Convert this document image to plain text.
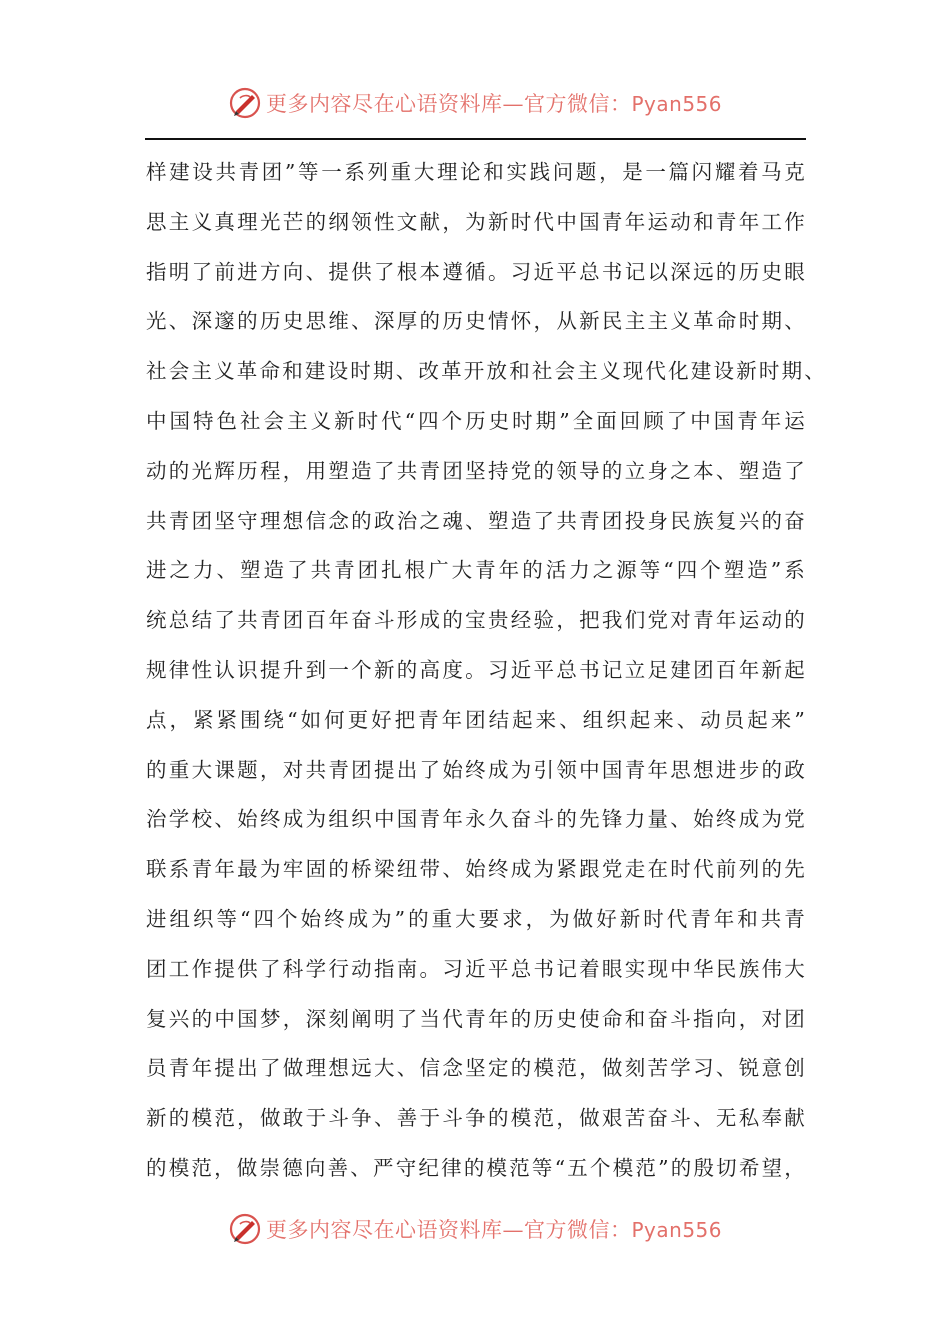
更多内容尽在心语资料库—官方微信：Pyan556
样建设共青团”等一系列重大理论和实践问题，是一篇闪耀着马克
思主义真理光芒的纲领性文献，为新时代中国青年运动和青年工作
指明了前进方向、提供了根本遵循。习近平总书记以深远的历史眼
光、深邃的历史思维、深厚的历史情怀，从新民主主义革命时期、
社会主义革命和建设时期、改革开放和社会主义现代化建设新时期、
中国特色社会主义新时代“四个历史时期”全面回顾了中国青年运
动的光辉历程，用塑造了共青团坚持党的领导的立身之本、塑造了
共青团坚守理想信念的政治之魂、塑造了共青团投身民族复兴的奋
进之力、塑造了共青团扎根广大青年的活力之源等“四个塑造”系
统总结了共青团百年奋斗形成的宝贵经验，把我们党对青年运动的
规律性认识提升到一个新的高度。习近平总书记立足建团百年新起
点，紧紧围绕“如何更好把青年团结起来、组织起来、动员起来”
的重大课题，对共青团提出了始终成为引领中国青年思想进步的政
治学校、始终成为组织中国青年永久奋斗的先锋力量、始终成为党
联系青年最为牢固的桥梁纽带、始终成为紧跟党走在时代前列的先
进组织等“四个始终成为”的重大要求，为做好新时代青年和共青
团工作提供了科学行动指南。习近平总书记着眼实现中华民族伟大
复兴的中国梦，深刻阐明了当代青年的历史使命和奋斗指向，对团
员青年提出了做理想远大、信念坚定的模范，做刻苦学习、锐意创
新的模范，做敢于斗争、善于斗争的模范，做艰苦奋斗、无私奉献
的模范，做崇德向善、严守纪律的模范等“五个模范”的殷切希望，
更多内容尽在心语资料库—官方微信：Pyan556
